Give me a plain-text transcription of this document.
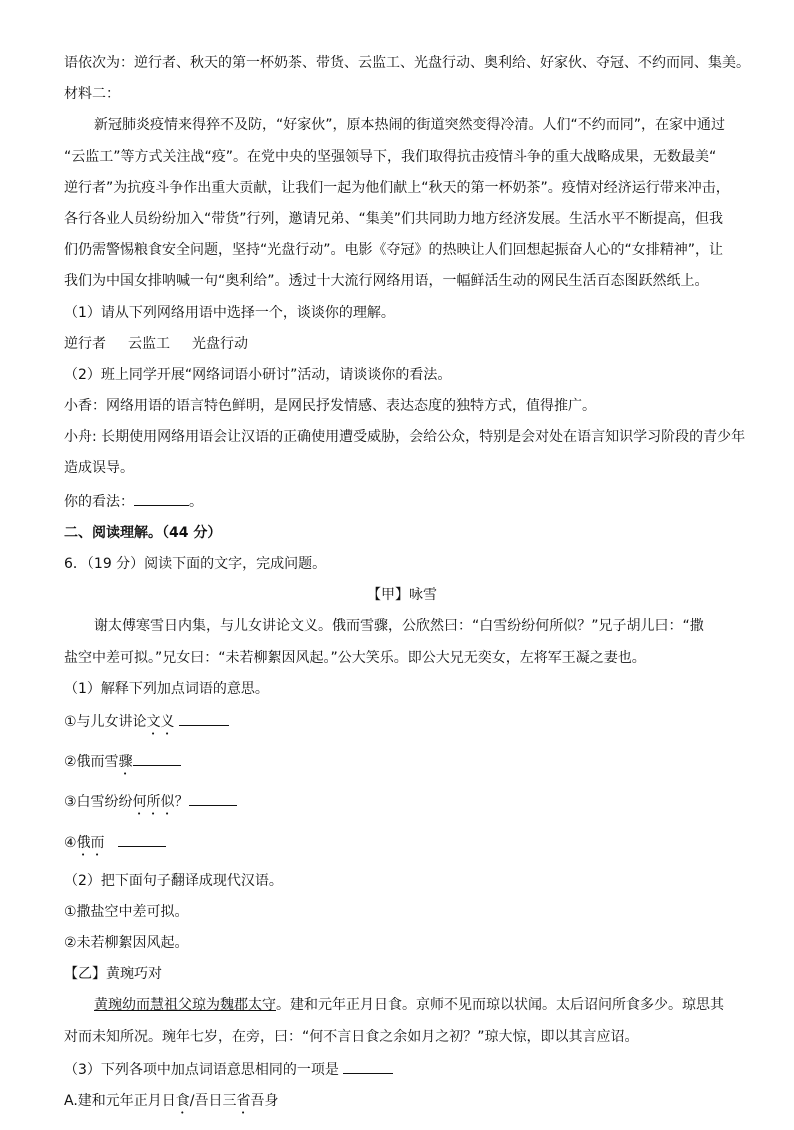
语依次为：逆行者、秋天的第一杯奶茶、带货、云监工、光盘行动、奥利给、好家伙、夺冠、不约而同、集美。
材料二：
新冠肺炎疫情来得猝不及防，“好家伙”，原本热闹的街道突然变得冷清。人们“不约而同”，在家中通过
“云监工”等方式关注战“疫”。在党中央的坚强领导下，我们取得抗击疫情斗争的重大战略成果，无数最美“
逆行者”为抗疫斗争作出重大贡献，让我们一起为他们献上“秋天的第一杯奶茶”。疫情对经济运行带来冲击，
各行各业人员纷纷加入“带货”行列，邀请兄弟、“集美”们共同助力地方经济发展。生活水平不断提高，但我
们仍需警惕粮食安全问题，坚持“光盘行动”。电影《夺冠》的热映让人们回想起振奋人心的“女排精神”，让
我们为中国女排呐喊一句“奥利给”。透过十大流行网络用语，一幅鲜活生动的网民生活百态图跃然纸上。
（1）请从下列网络用语中选择一个，谈谈你的理解。
逆行者 云监工 光盘行动
（2）班上同学开展“网络词语小研讨”活动，请谈谈你的看法。
小香：网络用语的语言特色鲜明，是网民抒发情感、表达态度的独特方式，值得推广。
小舟: 长期使用网络用语会让汉语的正确使用遭受威胁，会给公众，特别是会对处在语言知识学习阶段的青少年
造成误导。
你的看法：	。
二、阅读理解。（44 分）
6．（19 分）阅读下面的文字，完成问题。
【甲】咏雪
谢太傅寒雪日内集，与儿女讲论文义。俄而雪骤，公欣然曰：“白雪纷纷何所似？”兄子胡儿曰：“撒
盐空中差可拟。”兄女曰：“未若柳絮因风起。”公大笑乐。即公大兄无奕女，左将军王凝之妻也。
（1）解释下列加点词语的意思。
①与儿女讲论文义
②俄而雪骤
③白雪纷纷何所似？
④俄而
（2）把下面句子翻译成现代汉语。
①撒盐空中差可拟。
②未若柳絮因风起。
【乙】黄琬巧对
黄琬幼而慧祖父琼为魏郡太守。建和元年正月日食。京师不见而琼以状闻。太后诏问所食多少。琼思其
对而未知所况。琬年七岁，在旁，曰：“何不言日食之余如月之初？”琼大惊，即以其言应诏。
（3）下列各项中加点词语意思相同的一项是
A.建和元年正月日食/吾日三省吾身
